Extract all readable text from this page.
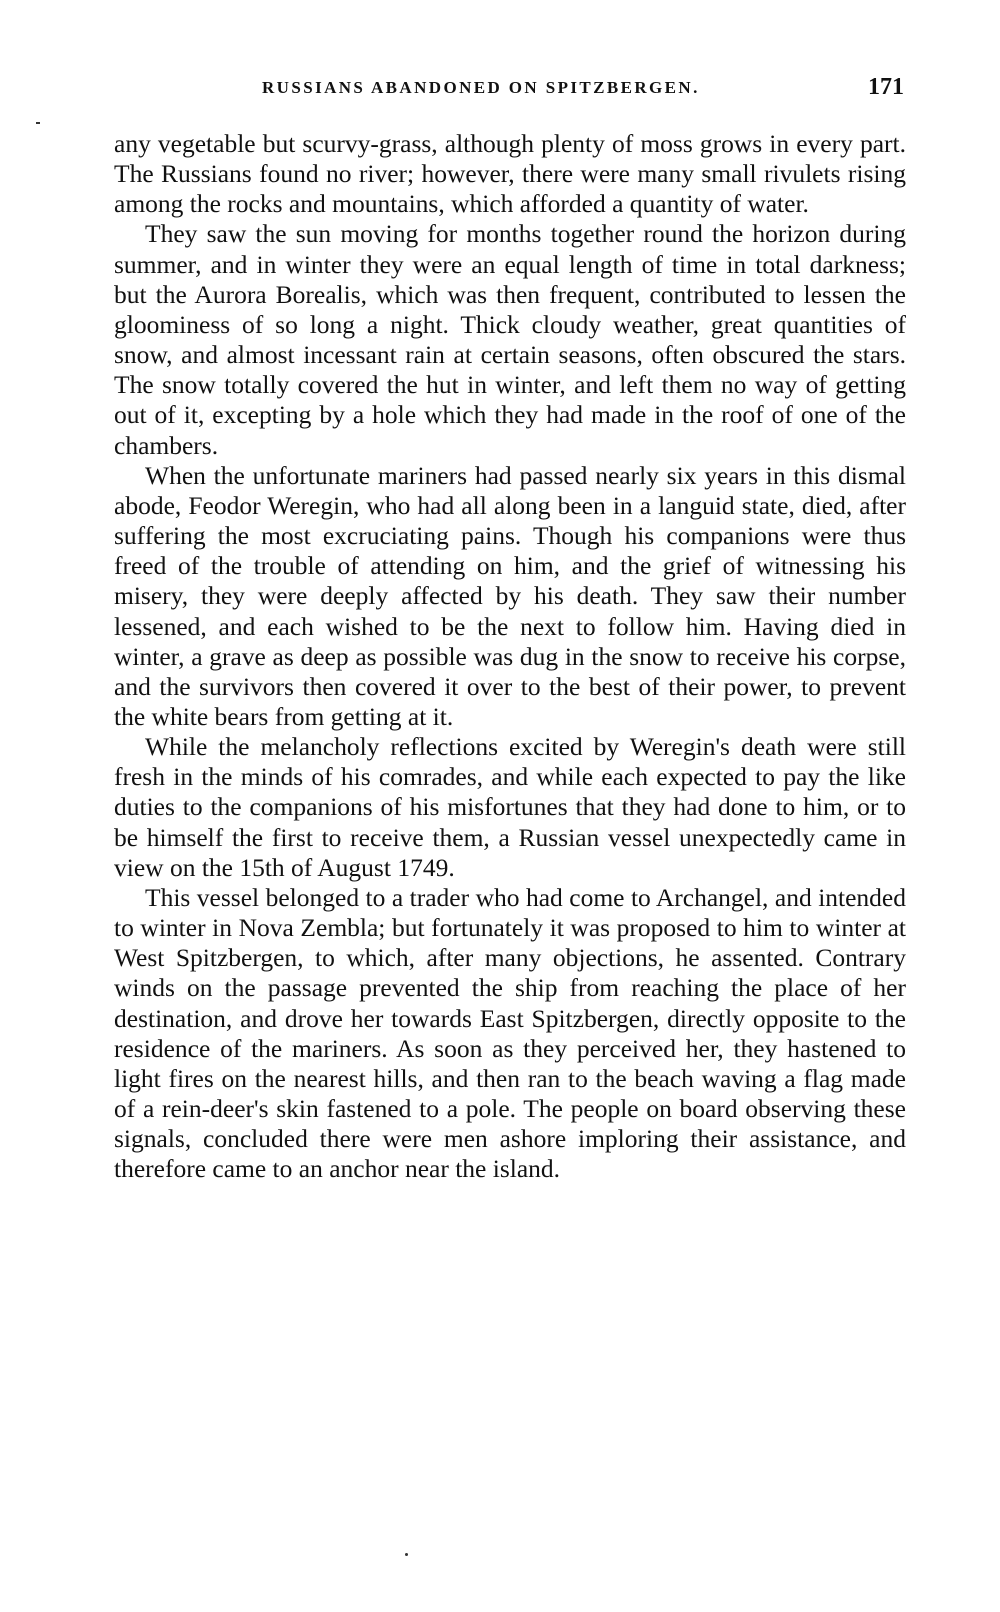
RUSSIANS ABANDONED ON SPITZBERGEN.	171

any vegetable but scurvy-grass, although plenty of moss grows in every part. The Russians found no river; however, there were many small rivulets rising among the rocks and mountains, which afforded a quantity of water.

They saw the sun moving for months together round the horizon during summer, and in winter they were an equal length of time in total darkness; but the Aurora Borealis, which was then frequent, contributed to lessen the gloominess of so long a night. Thick cloudy weather, great quantities of snow, and almost incessant rain at certain seasons, often obscured the stars. The snow totally covered the hut in winter, and left them no way of getting out of it, excepting by a hole which they had made in the roof of one of the chambers.

When the unfortunate mariners had passed nearly six years in this dismal abode, Feodor Weregin, who had all along been in a languid state, died, after suffering the most excruciating pains. Though his companions were thus freed of the trouble of attending on him, and the grief of witnessing his misery, they were deeply affected by his death. They saw their number lessened, and each wished to be the next to follow him. Having died in winter, a grave as deep as possible was dug in the snow to receive his corpse, and the survivors then covered it over to the best of their power, to prevent the white bears from getting at it.

While the melancholy reflections excited by Weregin's death were still fresh in the minds of his comrades, and while each expected to pay the like duties to the companions of his misfortunes that they had done to him, or to be himself the first to receive them, a Russian vessel unexpectedly came in view on the 15th of August 1749.

This vessel belonged to a trader who had come to Archangel, and intended to winter in Nova Zembla; but fortunately it was proposed to him to winter at West Spitzbergen, to which, after many objections, he assented. Contrary winds on the passage prevented the ship from reaching the place of her destination, and drove her towards East Spitzbergen, directly opposite to the residence of the mariners. As soon as they perceived her, they hastened to light fires on the nearest hills, and then ran to the beach waving a flag made of a rein-deer's skin fastened to a pole. The people on board observing these signals, concluded there were men ashore imploring their assistance, and therefore came to an anchor near the island.
